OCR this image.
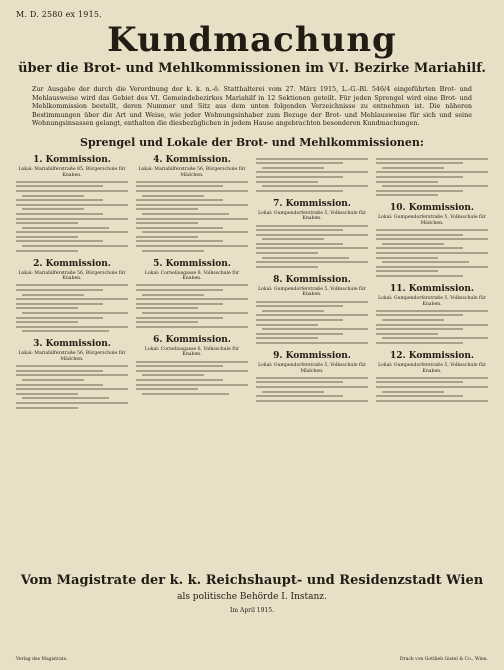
M. D. 2580 ex 1915.
Kundmachung
über die Brot- und Mehlkommissionen im VI. Bezirke Mariahilf.
Zur Ausgabe der durch die Verordnung der k. k. n.-ö. Statthalterei vom 27. März 1915, L.-G.-Bl. 546/4 eingeführten Brot- und Mehlausweise wird das Gebiet des VI. Gemeindebezirkes Mariahilf in 12 Sektionen geteilt. Für jeden Sprengel wird eine Brot- und Mehlkommission bestellt, deren Nummer und Sitz aus dem unten folgenden Verzeichnisse zu entnehmen ist. Die näheren Bestimmungen über die Art und Weise, wie jeder Wohnungsinhaber zum Bezuge der Brot- und Mehlausweise für sich und seine Wohnungsinsassen gelangt, enthalten die diesbezüglichen in jedem Hause angebrachten besonderen Kundmachungen.
Sprengel und Lokale der Brot- und Mehlkommissionen:
1. Kommission.
Lokal: Mariahilferstraße 85, Bürgerschule für Knaben.
2. Kommission.
Lokal: Mariahilferstraße 56, Bürgerschule für Knaben.
3. Kommission.
Lokal: Mariahilferstraße 56, Bürgerschule für Mädchen.
4. Kommission.
Lokal: Mariahilferstraße 56, Bürgerschule für Mädchen.
5. Kommission.
Lokal: Corneliusgasse 6, Volksschule für Knaben.
6. Kommission.
Lokal: Corneliusgasse 6, Volksschule für Knaben.
7. Kommission.
Lokal: Gumpendorferstraße 5, Volksschule für Knaben.
8. Kommission.
Lokal: Gumpendorferstraße 5, Volksschule für Knaben.
9. Kommission.
Lokal: Gumpendorferstraße 5, Volksschule für Mädchen.
10. Kommission.
Lokal: Gumpendorferstraße 5, Volksschule für Mädchen.
11. Kommission.
Lokal: Gumpendorferstraße 5, Volksschule für Knaben.
12. Kommission.
Lokal: Gumpendorferstraße 5, Volksschule für Knaben.
Vom Magistrate der k. k. Reichshaupt- und Residenzstadt Wien
als politische Behörde I. Instanz.
Im April 1915.
Verlag des Magistrats.	Druck von Gottlieb Gistel & Co., Wien.
